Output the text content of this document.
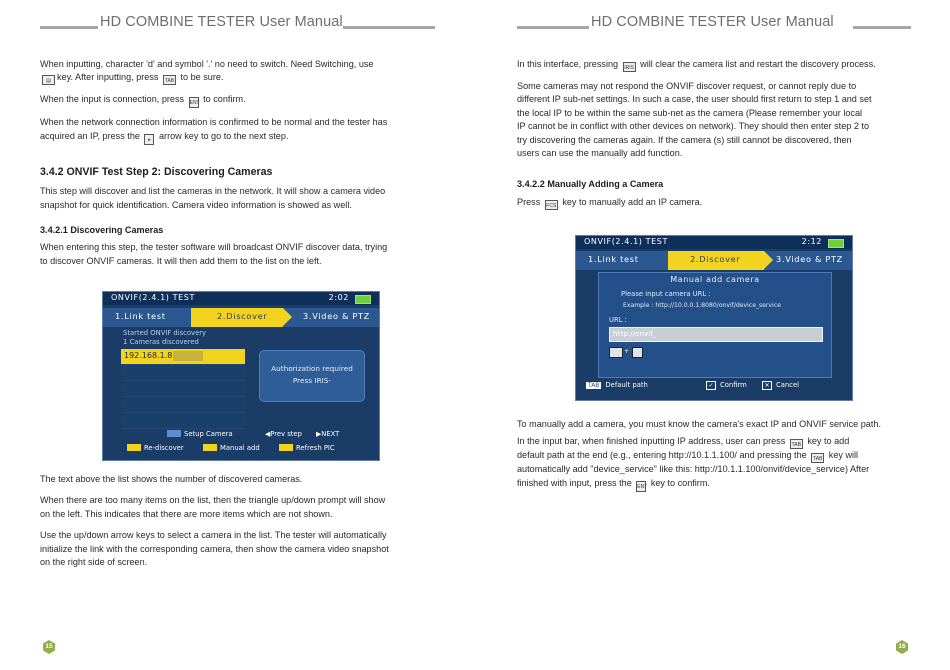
HD COMBINE TESTER User Manual

When inputting, character 'd' and symbol '.' no need to switch. Need Switching, use

▤ key. After inputting, press TAB to be sure.

When the input is connection, press ENT to confirm.

When the network connection information is confirmed to be normal and the tester has

acquired an IP, press the ▸ arrow key to go to the next step.

3.4.2 ONVIF Test Step 2: Discovering Cameras

This step will discover and list the cameras in the network. It will show a camera video

snapshot for quick identification. Camera video information is showed as well.

3.4.2.1 Discovering Cameras

When entering this step, the tester software will broadcast ONVIF discover data, trying

to discover ONVIF cameras. It will then add them to the list on the left.

ONVIF(2.4.1) TEST	2:02
1.Link test	2.Discover	3.Video & PTZ
Started ONVIF discovery
1 Cameras discovered
192.168.1.8
Authorization required
Press IRIS-
Setup Camera	◀Prev step ▶NEXT
Re-discover	Manual add	Refresh PIC

The text above the list shows the number of discovered cameras.

When there are too many items on the list, then the triangle up/down prompt will show

on the left. This indicates that there are more items which are not shown.

Use the up/down arrow keys to select a camera in the list. The tester will automatically

initialize the link with the corresponding camera, then show the camera video snapshot

on the right side of screen.

15
HD COMBINE TESTER User Manual

In this interface, pressing IRIS will clear the camera list and restart the discovery process.

Some cameras may not respond the ONVIF discover request, or cannot reply due to

different IP sub-net settings. In such a case, the user should first return to step 1 and set

the local IP to be within the same sub-net as the camera (Please remember your local

IP cannot be in conflict with other devices on network). They should then enter step 2 to

try discovering the cameras again. If the camera (s) still cannot be discovered, then

users can use the manually add function.

3.4.2.2 Manually Adding a Camera

Press FCS key to manually add an IP camera.

ONVIF(2.4.1) TEST	2:12
1.Link test	2.Discover	3.Video & PTZ
Manual add camera
Please input camera URL :
Example : http://10.0.0.1:8080/onvif/device_service
URL :
http://onvif_
+
TAB Default path	✓ Confirm	✕ Cancel

To manually add a camera, you must know the camera's exact IP and ONVIF service path.

In the input bar, when finished inputting IP address, user can press TAB key to add

default path at the end (e.g., entering http://10.1.1.100/ and pressing the TAB key will

automatically add "device_service" like this: http://10.1.1.100/onvif/device_service) After

finished with input, press the ENT key to confirm.

16
